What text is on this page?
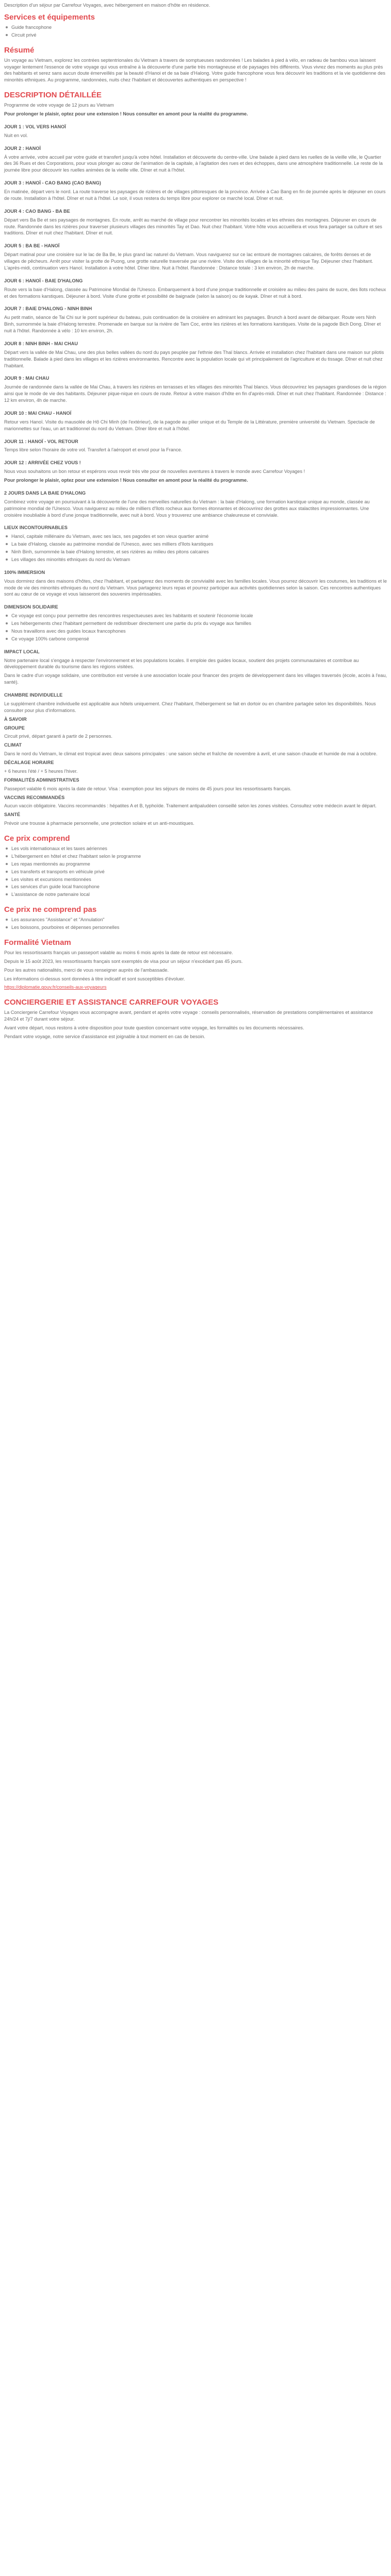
Description d'un séjour par Carrefour Voyages, avec hébergement en maison d'hôte en résidence.
Services et équipements
Guide francophone
Circuit privé
Résumé

Un voyage au Vietnam, explorez les contrées septentrionales du Vietnam à travers de somptueuses randonnées ! Les balades à pied à vélo, en radeau de bambou vous laissent voyager lentement l'essence de votre voyage qui vous entraîne à la découverte d'une partie très montagneuse et de paysages très différents. Vous vivrez des moments au plus près des habitants et serez sans aucun doute émerveillés par la beauté d'Hanoi et de sa baie d'Halong. Votre guide francophone vous fera découvrir les traditions et la vie quotidienne des minorités ethniques. Au programme, randonnées, nuits chez l'habitant et découvertes authentiques en perspective !

DESCRIPTION DÉTAILLÉE

Programme de votre voyage de 12 jours au Vietnam

Pour prolonger le plaisir, optez pour une extension ! Nous consulter en amont pour la réalité du programme.

JOUR 1 : VOL VERS HANOÏ

Nuit en vol.

JOUR 2 : HANOÏ

À votre arrivée, votre accueil par votre guide et transfert jusqu'à votre hôtel. Installation et découverte du centre-ville. Une balade à pied dans les ruelles de la vieille ville, le Quartier des 36 Rues et des Corporations, pour vous plonger au cœur de l'animation de la capitale, à l'agitation des rues et des échoppes, dans une atmosphère traditionnelle. Le reste de la journée libre pour découvrir les ruelles animées de la vieille ville. Dîner et nuit à l'hôtel.

JOUR 3 : HANOÏ - CAO BANG (CAO BANG)

En matinée, départ vers le nord. La route traverse les paysages de rizières et de villages pittoresques de la province. Arrivée à Cao Bang en fin de journée après le déjeuner en cours de route. Installation à l'hôtel. Dîner et nuit à l'hôtel. Le soir, il vous restera du temps libre pour explorer ce marché local. Dîner et nuit.

JOUR 4 : CAO BANG - BA BE

Départ vers Ba Be et ses paysages de montagnes. En route, arrêt au marché de village pour rencontrer les minorités locales et les ethnies des montagnes. Déjeuner en cours de route. Randonnée dans les rizières pour traverser plusieurs villages des minorités Tay et Dao. Nuit chez l'habitant. Votre hôte vous accueillera et vous fera partager sa culture et ses traditions. Dîner et nuit chez l'habitant. Dîner et nuit.

JOUR 5 : BA BE - HANOÏ

Départ matinal pour une croisière sur le lac de Ba Be, le plus grand lac naturel du Vietnam. Vous naviguerez sur ce lac entouré de montagnes calcaires, de forêts denses et de villages de pêcheurs. Arrêt pour visiter la grotte de Puong, une grotte naturelle traversée par une rivière. Visite des villages de la minorité ethnique Tay. Déjeuner chez l'habitant. L'après-midi, continuation vers Hanoï. Installation à votre hôtel. Dîner libre. Nuit à l'hôtel. Randonnée : Distance totale : 3 km environ, 2h de marche.

JOUR 6 : HANOÏ - BAIE D'HALONG

Route vers la baie d'Halong, classée au Patrimoine Mondial de l'Unesco. Embarquement à bord d'une jonque traditionnelle et croisière au milieu des pains de sucre, des îlots rocheux et des formations karstiques. Déjeuner à bord. Visite d'une grotte et possibilité de baignade (selon la saison) ou de kayak. Dîner et nuit à bord.

JOUR 7 : BAIE D'HALONG - NINH BINH

Au petit matin, séance de Tai Chi sur le pont supérieur du bateau, puis continuation de la croisière en admirant les paysages. Brunch à bord avant de débarquer. Route vers Ninh Binh, surnommée la baie d'Halong terrestre. Promenade en barque sur la rivière de Tam Coc, entre les rizières et les formations karstiques. Visite de la pagode Bich Dong. Dîner et nuit à l'hôtel. Randonnée à vélo : 10 km environ, 2h.

JOUR 8 : NINH BINH - MAI CHAU

Départ vers la vallée de Mai Chau, une des plus belles vallées du nord du pays peuplée par l'ethnie des Thaï blancs. Arrivée et installation chez l'habitant dans une maison sur pilotis traditionnelle. Balade à pied dans les villages et les rizières environnantes. Rencontre avec la population locale qui vit principalement de l'agriculture et du tissage. Dîner et nuit chez l'habitant.

JOUR 9 : MAI CHAU

Journée de randonnée dans la vallée de Mai Chau, à travers les rizières en terrasses et les villages des minorités Thaï blancs. Vous découvrirez les paysages grandioses de la région ainsi que le mode de vie des habitants. Déjeuner pique-nique en cours de route. Retour à votre maison d'hôte en fin d'après-midi. Dîner et nuit chez l'habitant. Randonnée : Distance : 12 km environ, 4h de marche.

JOUR 10 : MAI CHAU - HANOÏ

Retour vers Hanoï. Visite du mausolée de Hô Chi Minh (de l'extérieur), de la pagode au pilier unique et du Temple de la Littérature, première université du Vietnam. Spectacle de marionnettes sur l'eau, un art traditionnel du nord du Vietnam. Dîner libre et nuit à l'hôtel.

JOUR 11 : HANOÏ - VOL RETOUR

Temps libre selon l'horaire de votre vol. Transfert à l'aéroport et envol pour la France.

JOUR 12 : ARRIVÉE CHEZ VOUS !

Nous vous souhaitons un bon retour et espérons vous revoir très vite pour de nouvelles aventures à travers le monde avec Carrefour Voyages !

Pour prolonger le plaisir, optez pour une extension ! Nous consulter en amont pour la réalité du programme.

2 JOURS DANS LA BAIE D'HALONG

Combinez votre voyage en poursuivant à la découverte de l'une des merveilles naturelles du Vietnam : la baie d'Halong, une formation karstique unique au monde, classée au patrimoine mondial de l'Unesco. Vous naviguerez au milieu de milliers d'îlots rocheux aux formes étonnantes et découvrirez des grottes aux stalactites impressionnantes. Une croisière inoubliable à bord d'une jonque traditionnelle, avec nuit à bord. Vous y trouverez une ambiance chaleureuse et conviviale.

LIEUX INCONTOURNABLES
Hanoï, capitale millénaire du Vietnam, avec ses lacs, ses pagodes et son vieux quartier animé
La baie d'Halong, classée au patrimoine mondial de l'Unesco, avec ses milliers d'îlots karstiques
Ninh Binh, surnommée la baie d'Halong terrestre, et ses rizières au milieu des pitons calcaires
Les villages des minorités ethniques du nord du Vietnam
100% IMMERSION

Vous dormirez dans des maisons d'hôtes, chez l'habitant, et partagerez des moments de convivialité avec les familles locales. Vous pourrez découvrir les coutumes, les traditions et le mode de vie des minorités ethniques du nord du Vietnam. Vous partagerez leurs repas et pourrez participer aux activités quotidiennes selon la saison. Ces rencontres authentiques sont au cœur de ce voyage et vous laisseront des souvenirs impérissables.

DIMENSION SOLIDAIRE
Ce voyage est conçu pour permettre des rencontres respectueuses avec les habitants et soutenir l'économie locale
Les hébergements chez l'habitant permettent de redistribuer directement une partie du prix du voyage aux familles
Nous travaillons avec des guides locaux francophones
Ce voyage 100% carbone compensé
IMPACT LOCAL

Notre partenaire local s'engage à respecter l'environnement et les populations locales. Il emploie des guides locaux, soutient des projets communautaires et contribue au développement durable du tourisme dans les régions visitées.

Dans le cadre d'un voyage solidaire, une contribution est versée à une association locale pour financer des projets de développement dans les villages traversés (école, accès à l'eau, santé).

CHAMBRE INDIVIDUELLE

Le supplément chambre individuelle est applicable aux hôtels uniquement. Chez l'habitant, l'hébergement se fait en dortoir ou en chambre partagée selon les disponibilités. Nous consulter pour plus d'informations.

À SAVOIR

GROUPE

Circuit privé, départ garanti à partir de 2 personnes.

CLIMAT

Dans le nord du Vietnam, le climat est tropical avec deux saisons principales : une saison sèche et fraîche de novembre à avril, et une saison chaude et humide de mai à octobre.

DÉCALAGE HORAIRE

+ 6 heures l'été / + 5 heures l'hiver.

FORMALITÉS ADMINISTRATIVES

Passeport valable 6 mois après la date de retour. Visa : exemption pour les séjours de moins de 45 jours pour les ressortissants français.

VACCINS RECOMMANDÉS

Aucun vaccin obligatoire. Vaccins recommandés : hépatites A et B, typhoïde. Traitement antipaludéen conseillé selon les zones visitées. Consultez votre médecin avant le départ.

SANTÉ

Prévoir une trousse à pharmacie personnelle, une protection solaire et un anti-moustiques.

Ce prix comprend
Les vols internationaux et les taxes aériennes
L'hébergement en hôtel et chez l'habitant selon le programme
Les repas mentionnés au programme
Les transferts et transports en véhicule privé
Les visites et excursions mentionnées
Les services d'un guide local francophone
L'assistance de notre partenaire local
Ce prix ne comprend pas
Les assurances "Assistance" et "Annulation"
Les boissons, pourboires et dépenses personnelles
Formalité Vietnam

Pour les ressortissants français un passeport valable au moins 6 mois après la date de retour est nécessaire.

Depuis le 15 août 2023, les ressortissants français sont exemptés de visa pour un séjour n'excédant pas 45 jours.

Pour les autres nationalités, merci de vous renseigner auprès de l'ambassade.

Les informations ci-dessus sont données à titre indicatif et sont susceptibles d'évoluer.

https://diplomatie.gouv.fr/conseils-aux-voyageurs

CONCIERGERIE ET ASSISTANCE CARREFOUR VOYAGES

La Conciergerie Carrefour Voyages vous accompagne avant, pendant et après votre voyage : conseils personnalisés, réservation de prestations complémentaires et assistance 24h/24 et 7j/7 durant votre séjour.

Avant votre départ, nous restons à votre disposition pour toute question concernant votre voyage, les formalités ou les documents nécessaires.

Pendant votre voyage, notre service d'assistance est joignable à tout moment en cas de besoin.
